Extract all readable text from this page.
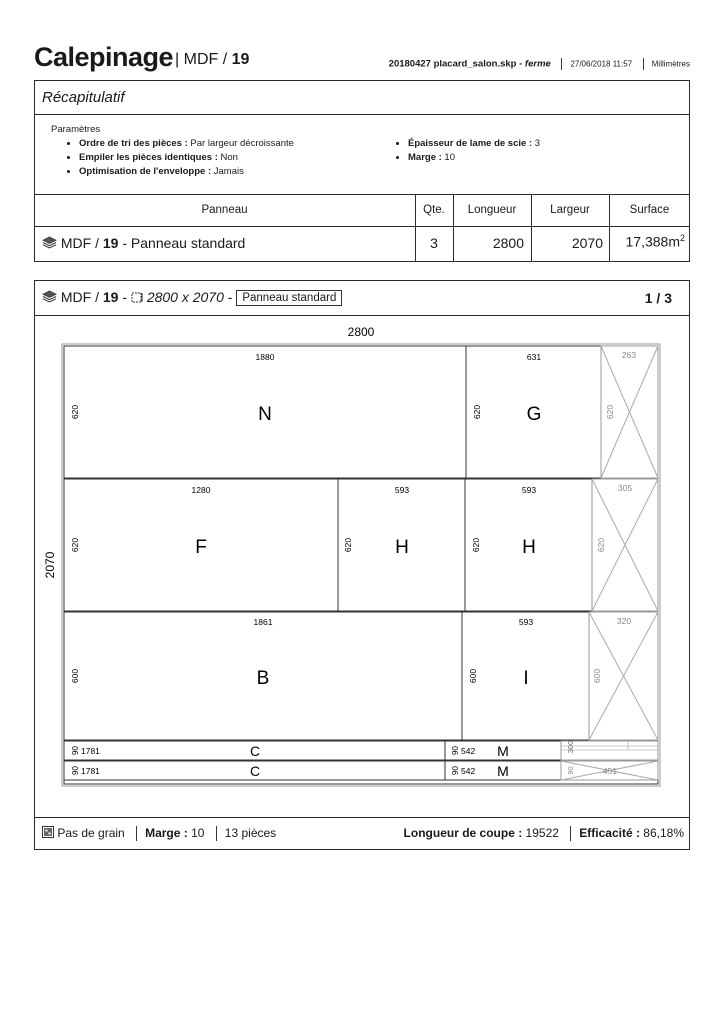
Calepinage | MDF / 19	20180427 placard_salon.skp - ferme 27/06/2018 11:57 Millimètres
Récapitulatif
Paramètres
• Ordre de tri des pièces : Par largeur décroissante
• Empiler les pièces identiques : Non
• Optimisation de l'enveloppe : Jamais
• Épaisseur de lame de scie : 3
• Marge : 10
Panneau	Qte.	Longueur	Largeur	Surface
MDF / 19 - Panneau standard	3	2800	2070	$17,388m^2$
MDF / 19 -  2800 x 2070 - Panneau standard	1 / 3
2800
2070
1880
620	N
631
620 G
263
620
1280
620	F
593
620 H
593
620 H
305
620
1861
600	B
593
600 I
320
600
90 1781	C	90 542 M	300
90 1781	C	90 542 M	451
90
Pas de grain Marge : 10 13 pièces	Longueur de coupe : 19522 Efficacité : 86,18%
